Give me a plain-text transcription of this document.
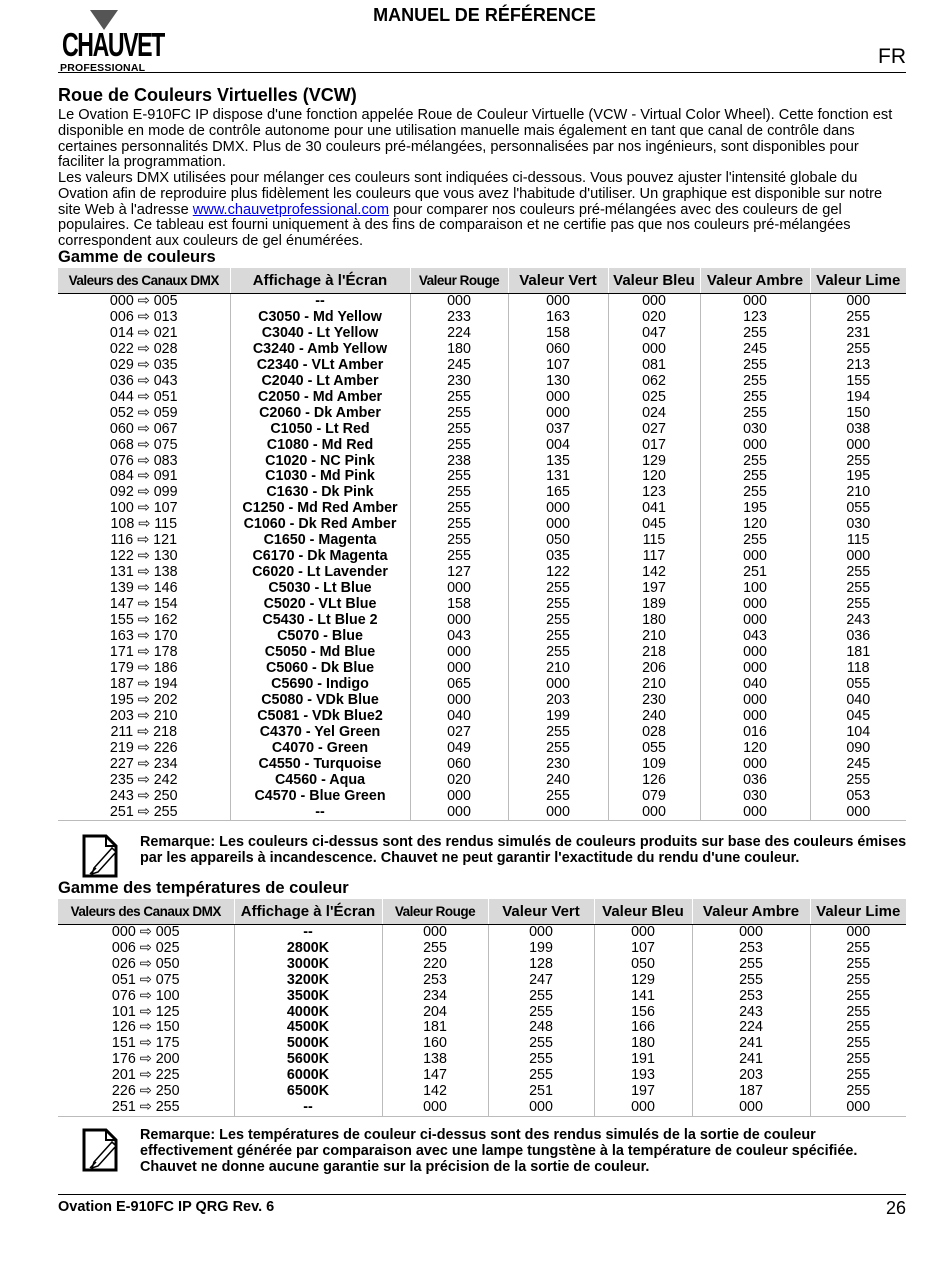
CHAUVET
PROFESSIONAL
MANUEL DE RÉFÉRENCE
FR
Roue de Couleurs Virtuelles (VCW)
Le Ovation E-910FC IP dispose d'une fonction appelée Roue de Couleur Virtuelle (VCW - Virtual Color Wheel). Cette fonction est disponible en mode de contrôle autonome pour une utilisation manuelle mais également en tant que canal de contrôle dans certaines personnalités DMX. Plus de 30 couleurs pré-mélangées, personnalisées par nos ingénieurs, sont disponibles pour faciliter la programmation.
Les valeurs DMX utilisées pour mélanger ces couleurs sont indiquées ci-dessous. Vous pouvez ajuster l'intensité globale du Ovation afin de reproduire plus fidèlement les couleurs que vous avez l'habitude d'utiliser. Un graphique est disponible sur notre site Web à l'adresse www.chauvetprofessional.com pour comparer nos couleurs pré-mélangées avec des couleurs de gel populaires. Ce tableau est fourni uniquement à des fins de comparaison et ne certifie pas que nos couleurs pré-mélangées correspondent aux couleurs de gel énumérées.
Gamme de couleurs
Valeurs des Canaux DMX	Affichage à l'Écran	Valeur Rouge	Valeur Vert	Valeur Bleu	Valeur Ambre	Valeur Lime
000 ⇨ 005	--	000	000	000	000	000
006 ⇨ 013	C3050 - Md Yellow	233	163	020	123	255
014 ⇨ 021	C3040 - Lt Yellow	224	158	047	255	231
022 ⇨ 028	C3240 - Amb Yellow	180	060	000	245	255
029 ⇨ 035	C2340 - VLt Amber	245	107	081	255	213
036 ⇨ 043	C2040 - Lt Amber	230	130	062	255	155
044 ⇨ 051	C2050 - Md Amber	255	000	025	255	194
052 ⇨ 059	C2060 - Dk Amber	255	000	024	255	150
060 ⇨ 067	C1050 - Lt Red	255	037	027	030	038
068 ⇨ 075	C1080 - Md Red	255	004	017	000	000
076 ⇨ 083	C1020 - NC Pink	238	135	129	255	255
084 ⇨ 091	C1030 - Md Pink	255	131	120	255	195
092 ⇨ 099	C1630 - Dk Pink	255	165	123	255	210
100 ⇨ 107	C1250 - Md Red Amber	255	000	041	195	055
108 ⇨ 115	C1060 - Dk Red Amber	255	000	045	120	030
116 ⇨ 121	C1650 - Magenta	255	050	115	255	115
122 ⇨ 130	C6170 - Dk Magenta	255	035	117	000	000
131 ⇨ 138	C6020 - Lt Lavender	127	122	142	251	255
139 ⇨ 146	C5030 - Lt Blue	000	255	197	100	255
147 ⇨ 154	C5020 - VLt Blue	158	255	189	000	255
155 ⇨ 162	C5430 - Lt Blue 2	000	255	180	000	243
163 ⇨ 170	C5070 - Blue	043	255	210	043	036
171 ⇨ 178	C5050 - Md Blue	000	255	218	000	181
179 ⇨ 186	C5060 - Dk Blue	000	210	206	000	118
187 ⇨ 194	C5690 - Indigo	065	000	210	040	055
195 ⇨ 202	C5080 - VDk Blue	000	203	230	000	040
203 ⇨ 210	C5081 - VDk Blue2	040	199	240	000	045
211 ⇨ 218	C4370 - Yel Green	027	255	028	016	104
219 ⇨ 226	C4070 - Green	049	255	055	120	090
227 ⇨ 234	C4550 - Turquoise	060	230	109	000	245
235 ⇨ 242	C4560 - Aqua	020	240	126	036	255
243 ⇨ 250	C4570 - Blue Green	000	255	079	030	053
251 ⇨ 255	--	000	000	000	000	000
Remarque: Les couleurs ci-dessus sont des rendus simulés de couleurs produits sur base des couleurs émises par les appareils à incandescence. Chauvet ne peut garantir l'exactitude du rendu d'une couleur.
Gamme des températures de couleur
Valeurs des Canaux DMX	Affichage à l'Écran	Valeur Rouge	Valeur Vert	Valeur Bleu	Valeur Ambre	Valeur Lime
000 ⇨ 005	--	000	000	000	000	000
006 ⇨ 025	2800K	255	199	107	253	255
026 ⇨ 050	3000K	220	128	050	255	255
051 ⇨ 075	3200K	253	247	129	255	255
076 ⇨ 100	3500K	234	255	141	253	255
101 ⇨ 125	4000K	204	255	156	243	255
126 ⇨ 150	4500K	181	248	166	224	255
151 ⇨ 175	5000K	160	255	180	241	255
176 ⇨ 200	5600K	138	255	191	241	255
201 ⇨ 225	6000K	147	255	193	203	255
226 ⇨ 250	6500K	142	251	197	187	255
251 ⇨ 255	--	000	000	000	000	000
Remarque: Les températures de couleur ci-dessus sont des rendus simulés de la sortie de couleur effectivement générée par comparaison avec une lampe tungstène à la température de couleur spécifiée. Chauvet ne donne aucune garantie sur la précision de la sortie de couleur.
Ovation E-910FC IP QRG Rev. 6	26
